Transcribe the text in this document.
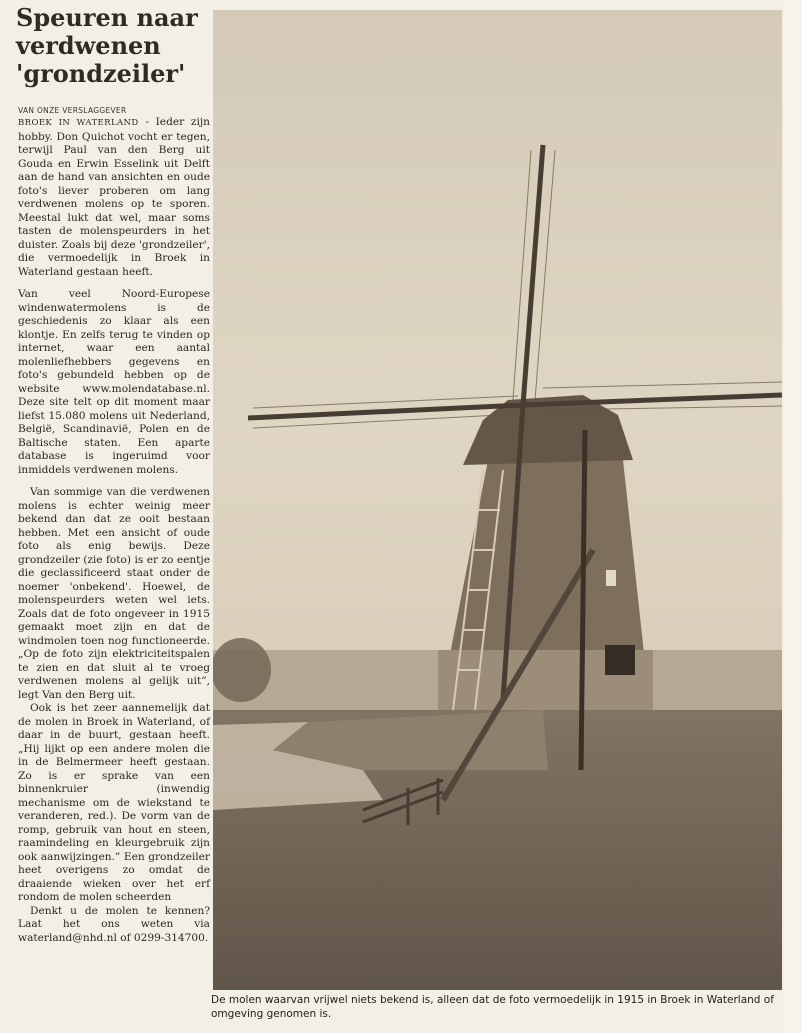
Speuren naar
verdwenen
'grondzeiler'
VAN ONZE VERSLAGGEVER

BROEK IN WATERLAND - Ieder zijn hobby. Don Quichot vocht er tegen, terwijl Paul van den Berg uit Gouda en Erwin Esselink uit Delft aan de hand van ansichten en oude foto's liever proberen om lang verdwenen molens op te sporen. Meestal lukt dat wel, maar soms tasten de molenspeurders in het duister. Zoals bij deze 'grondzeiler', die vermoedelijk in Broek in Waterland gestaan heeft.

Van veel Noord-Europese windenwatermolens is de geschiedenis zo klaar als een klontje. En zelfs terug te vinden op internet, waar een aantal molenliefhebbers gegevens en foto's gebundeld hebben op de website www.molendatabase.nl. Deze site telt op dit moment maar liefst 15.080 molens uit Nederland, België, Scandinavië, Polen en de Baltische staten. Een aparte database is ingeruimd voor inmiddels verdwenen molens.

Van sommige van die verdwenen molens is echter weinig meer bekend dan dat ze ooit bestaan hebben. Met een ansicht of oude foto als enig bewijs. Deze grondzeiler (zie foto) is er zo eentje die geclassificeerd staat onder de noemer 'onbekend'. Hoewel, de molenspeurders weten wel iets. Zoals dat de foto ongeveer in 1915 gemaakt moet zijn en dat de windmolen toen nog functioneerde. „Op de foto zijn elektriciteitspalen te zien en dat sluit al te vroeg verdwenen molens al gelijk uit”, legt Van den Berg uit.

Ook is het zeer aannemelijk dat de molen in Broek in Waterland, of daar in de buurt, gestaan heeft. „Hij lijkt op een andere molen die in de Belmermeer heeft gestaan. Zo is er sprake van een binnenkruier (inwendig mechanisme om de wiekstand te veranderen, red.). De vorm van de romp, gebruik van hout en steen, raamindeling en kleurgebruik zijn ook aanwijzingen.” Een grondzeiler heet overigens zo omdat de draaiende wieken over het erf rondom de molen scheerden

Denkt u de molen te kennen? Laat het ons weten via waterland@nhd.nl of 0299-314700.

De molen waarvan vrijwel niets bekend is, alleen dat de foto vermoedelijk in 1915 in Broek in Waterland of omgeving genomen is.
